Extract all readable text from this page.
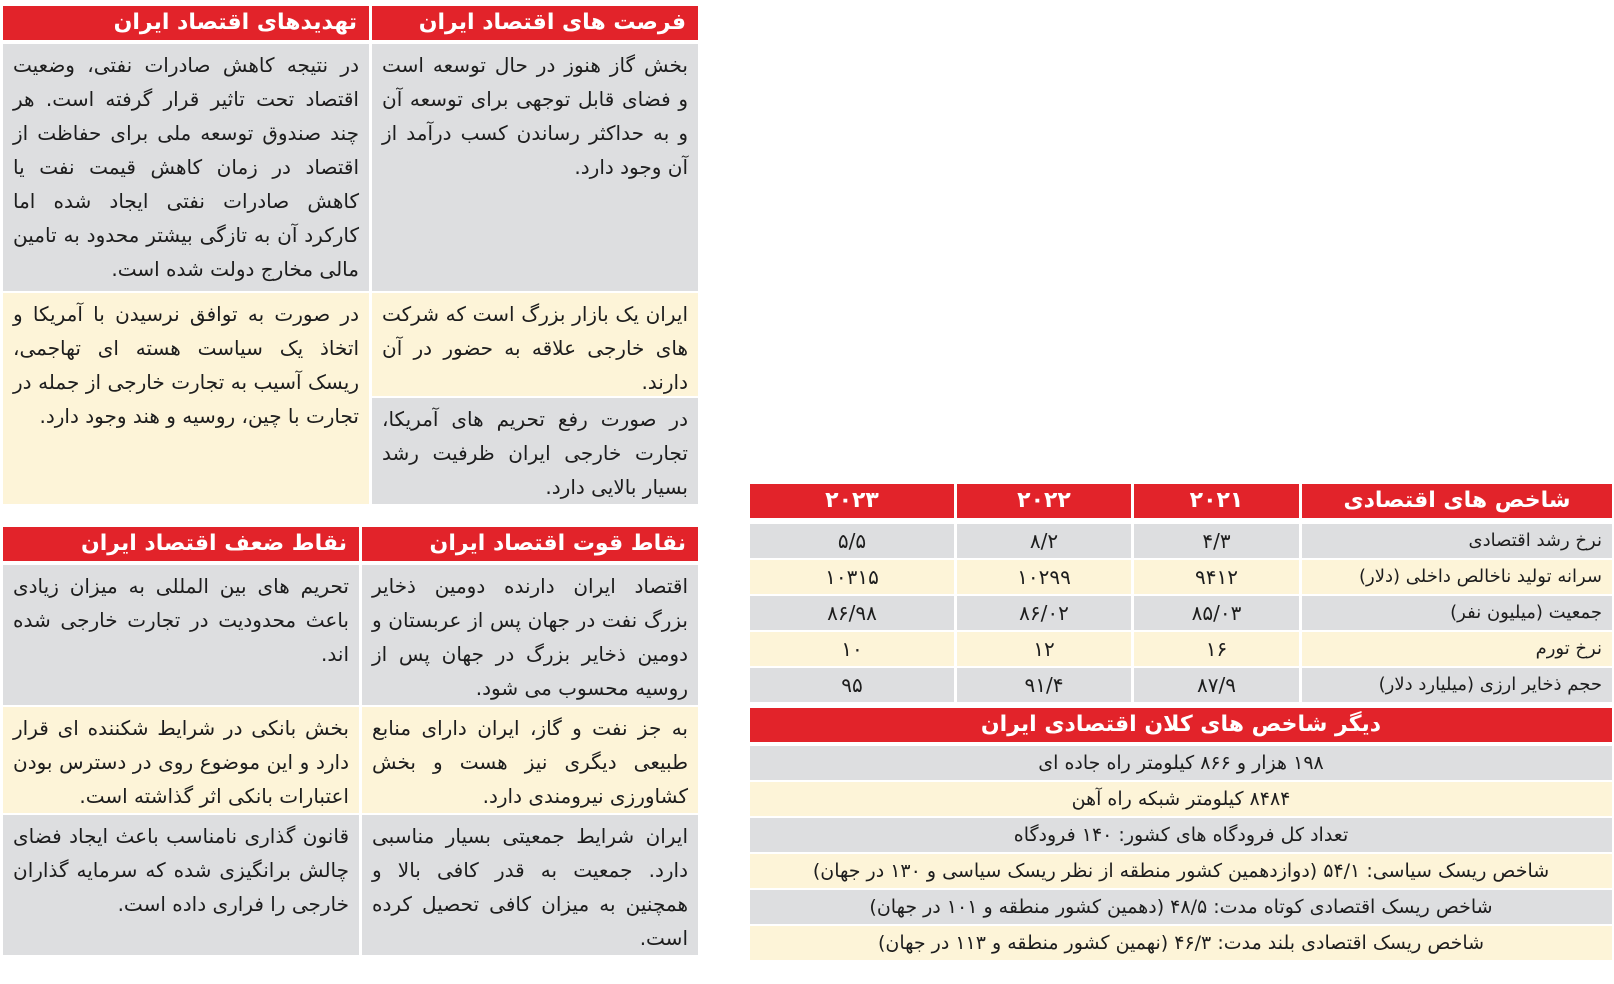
تهدیدهای اقتصاد ایران	فرصت های اقتصاد ایران
در نتیجه کاهش صادرات نفتی، وضعیت اقتصاد تحت تاثیر قرار گرفته است. هر چند صندوق توسعه ملی برای حفاظت از اقتصاد در زمان کاهش قیمت نفت یا کاهش صادرات نفتی ایجاد شده اما کارکرد آن به تازگی بیشتر محدود به تامین مالی مخارج دولت شده است.
در صورت به توافق نرسیدن با آمریکا و اتخاذ یک سیاست هسته ای تهاجمی، ریسک آسیب به تجارت خارجی از جمله در تجارت با چین، روسیه و هند وجود دارد.
بخش گاز هنوز در حال توسعه است و فضای قابل توجهی برای توسعه آن و به حداکثر رساندن کسب درآمد از آن وجود دارد.
ایران یک بازار بزرگ است که شرکت های خارجی علاقه به حضور در آن دارند.
در صورت رفع تحریم های آمریکا، تجارت خارجی ایران ظرفیت رشد بسیار بالایی دارد.
نقاط ضعف اقتصاد ایران	نقاط قوت اقتصاد ایران
تحریم های بین المللی به میزان زیادی باعث محدودیت در تجارت خارجی شده اند.
بخش بانکی در شرایط شکننده ای قرار دارد و این موضوع روی در دسترس بودن اعتبارات بانکی اثر گذاشته است.
قانون گذاری نامناسب باعث ایجاد فضای چالش برانگیزی شده که سرمایه گذاران خارجی را فراری داده است.
اقتصاد ایران دارنده دومین ذخایر بزرگ نفت در جهان پس از عربستان و دومین ذخایر بزرگ در جهان پس از روسیه محسوب می شود.
به جز نفت و گاز، ایران دارای منابع طبیعی دیگری نیز هست و بخش کشاورزی نیرومندی دارد.
ایران شرایط جمعیتی بسیار مناسبی دارد. جمعیت به قدر کافی بالا و همچنین به میزان کافی تحصیل کرده است.
شاخص های اقتصادی
۲۰۲۱
۲۰۲۲
۲۰۲۳
نرخ رشد اقتصادی
۴/۳
۸/۲
۵/۵
سرانه تولید ناخالص داخلی (دلار)
۹۴۱۲
۱۰۲۹۹
۱۰۳۱۵
جمعیت (میلیون نفر)
۸۵/۰۳
۸۶/۰۲
۸۶/۹۸
نرخ تورم
۱۶
۱۲
۱۰
حجم ذخایر ارزی (میلیارد دلار)
۸۷/۹
۹۱/۴
۹۵
دیگر شاخص های کلان اقتصادی ایران
۱۹۸ هزار و ۸۶۶ کیلومتر راه جاده ای
۸۴۸۴ کیلومتر شبکه راه آهن
تعداد کل فرودگاه های کشور: ۱۴۰ فرودگاه
شاخص ریسک سیاسی: ۵۴/۱ (دوازدهمین کشور منطقه از نظر ریسک سیاسی و ۱۳۰ در جهان)
شاخص ریسک اقتصادی کوتاه مدت: ۴۸/۵ (دهمین کشور منطقه و ۱۰۱ در جهان)
شاخص ریسک اقتصادی بلند مدت: ۴۶/۳ (نهمین کشور منطقه و ۱۱۳ در جهان)
